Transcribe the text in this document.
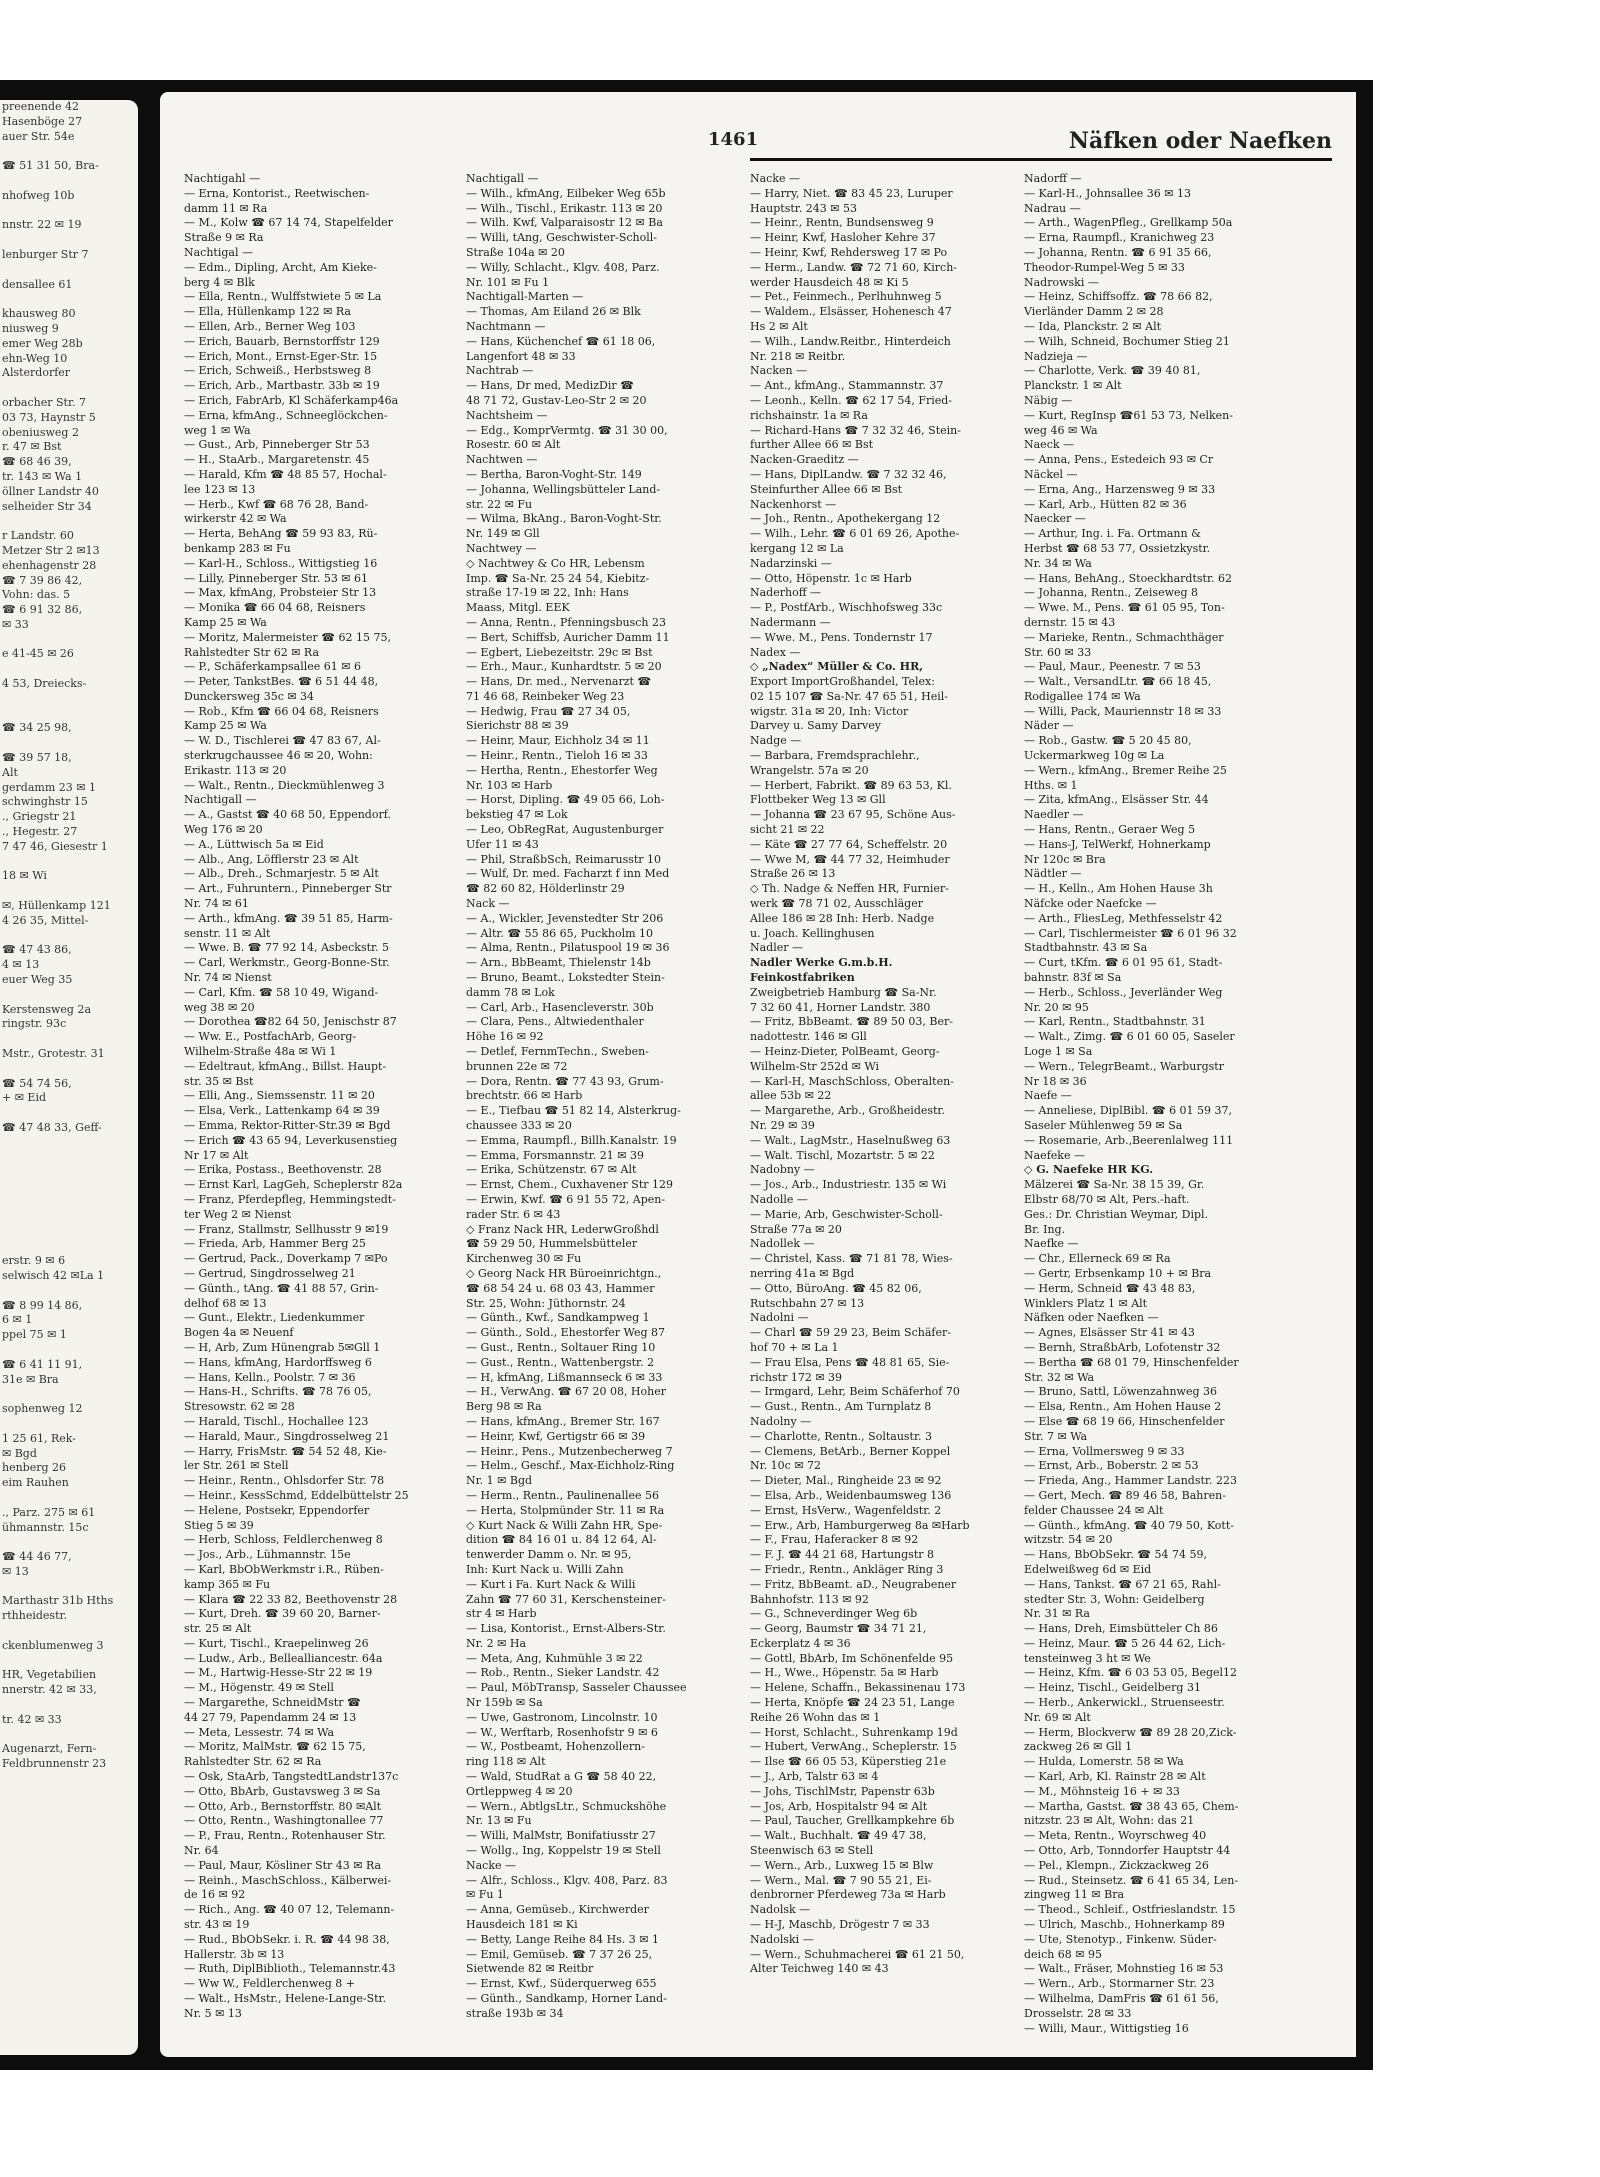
preenende 42
Hasenböge 27
auer Str. 54e

☎ 51 31 50, Bra-

nhofweg 10b

nnstr. 22 ✉ 19

lenburger Str 7

densallee 61

khausweg 80
niusweg 9
emer Weg 28b
ehn-Weg 10
Alsterdorfer

orbacher Str. 7
03 73, Haynstr 5
obeniusweg 2
r. 47 ✉ Bst
☎ 68 46 39,
tr. 143 ✉ Wa 1
öllner Landstr 40
selheider Str 34

r Landstr. 60
Metzer Str 2 ✉13
ehenhagenstr 28
☎ 7 39 86 42,
Vohn: das. 5
☎ 6 91 32 86,
✉ 33

e 41-45 ✉ 26

4 53, Dreiecks-

☎ 34 25 98,

☎ 39 57 18,
Alt
gerdamm 23 ✉ 1
schwinghstr 15
., Griegstr 21
., Hegestr. 27
7 47 46, Giesestr 1

18 ✉ Wi

✉, Hüllenkamp 121
4 26 35, Mittel-

☎ 47 43 86,
4 ✉ 13
euer Weg 35

Kerstensweg 2a
ringstr. 93c

Mstr., Grotestr. 31

☎ 54 74 56,
+ ✉ Eid

☎ 47 48 33, Geff-

erstr. 9 ✉ 6
selwisch 42 ✉La 1

☎ 8 99 14 86,
6 ✉ 1
ppel 75 ✉ 1

☎ 6 41 11 91,
31e ✉ Bra

sophenweg 12

1 25 61, Rek-
✉ Bgd
henberg 26
eim Rauhen

., Parz. 275 ✉ 61
ühmannstr. 15c

☎ 44 46 77,
✉ 13

Marthastr 31b Hths
rthheidestr.

ckenblumenweg 3

HR, Vegetabilien
nnerstr. 42 ✉ 33,

tr. 42 ✉ 33

Augenarzt, Fern-
Feldbrunnenstr 23
1461	Näfken oder Naefken
Nachtigahl —
— Erna, Kontorist., Reetwischen-
damm 11 ✉ Ra
— M., Kolw ☎ 67 14 74, Stapelfelder
Straße 9 ✉ Ra
Nachtigal —
— Edm., Dipling, Archt, Am Kieke-
berg 4 ✉ Blk
— Ella, Rentn., Wulffstwiete 5 ✉ La
— Ella, Hüllenkamp 122 ✉ Ra
— Ellen, Arb., Berner Weg 103
— Erich, Bauarb, Bernstorffstr 129
— Erich, Mont., Ernst-Eger-Str. 15
— Erich, Schweiß., Herbstsweg 8
— Erich, Arb., Martbastr. 33b ✉ 19
— Erich, FabrArb, Kl Schäferkamp46a
— Erna, kfmAng., Schneeglöckchen-
weg 1 ✉ Wa
— Gust., Arb, Pinneberger Str 53
— H., StaArb., Margaretenstr. 45
— Harald, Kfm ☎ 48 85 57, Hochal-
lee 123 ✉ 13
— Herb., Kwf ☎ 68 76 28, Band-
wirkerstr 42 ✉ Wa
— Herta, BehAng ☎ 59 93 83, Rü-
benkamp 283 ✉ Fu
— Karl-H., Schloss., Wittigstieg 16
— Lilly, Pinneberger Str. 53 ✉ 61
— Max, kfmAng, Probsteier Str 13
— Monika ☎ 66 04 68, Reisners
Kamp 25 ✉ Wa
— Moritz, Malermeister ☎ 62 15 75,
Rahlstedter Str 62 ✉ Ra
— P., Schäferkampsallee 61 ✉ 6
— Peter, TankstBes. ☎ 6 51 44 48,
Dunckersweg 35c ✉ 34
— Rob., Kfm ☎ 66 04 68, Reisners
Kamp 25 ✉ Wa
— W. D., Tischlerei ☎ 47 83 67, Al-
sterkrugchaussee 46 ✉ 20, Wohn:
Erikastr. 113 ✉ 20
— Walt., Rentn., Dieckmühlenweg 3
Nachtigall —
— A., Gastst ☎ 40 68 50, Eppendorf.
Weg 176 ✉ 20
— A., Lüttwisch 5a ✉ Eid
— Alb., Ang, Löfflerstr 23 ✉ Alt
— Alb., Dreh., Schmarjestr. 5 ✉ Alt
— Art., Fuhruntern., Pinneberger Str
Nr. 74 ✉ 61
— Arth., kfmAng. ☎ 39 51 85, Harm-
senstr. 11 ✉ Alt
— Wwe. B. ☎ 77 92 14, Asbeckstr. 5
— Carl, Werkmstr., Georg-Bonne-Str.
Nr. 74 ✉ Nienst
— Carl, Kfm. ☎ 58 10 49, Wigand-
weg 38 ✉ 20
— Dorothea ☎82 64 50, Jenischstr 87
— Ww. E., PostfachArb, Georg-
Wilhelm-Straße 48a ✉ Wi 1
— Edeltraut, kfmAng., Billst. Haupt-
str. 35 ✉ Bst
— Elli, Ang., Siemssenstr. 11 ✉ 20
— Elsa, Verk., Lattenkamp 64 ✉ 39
— Emma, Rektor-Ritter-Str.39 ✉ Bgd
— Erich ☎ 43 65 94, Leverkusenstieg
Nr 17 ✉ Alt
— Erika, Postass., Beethovenstr. 28
— Ernst Karl, LagGeh, Scheplerstr 82a
— Franz, Pferdepfleg, Hemmingstedt-
ter Weg 2 ✉ Nienst
— Franz, Stallmstr, Sellhusstr 9 ✉19
— Frieda, Arb, Hammer Berg 25
— Gertrud, Pack., Doverkamp 7 ✉Po
— Gertrud, Singdrosselweg 21
— Günth., tAng. ☎ 41 88 57, Grin-
delhof 68 ✉ 13
— Gunt., Elektr., Liedenkummer
Bogen 4a ✉ Neuenf
— H, Arb, Zum Hünengrab 5✉Gll 1
— Hans, kfmAng, Hardorffsweg 6
— Hans, Kelln., Poolstr. 7 ✉ 36
— Hans-H., Schrifts. ☎ 78 76 05,
Stresowstr. 62 ✉ 28
— Harald, Tischl., Hochallee 123
— Harald, Maur., Singdrosselweg 21
— Harry, FrisMstr. ☎ 54 52 48, Kie-
ler Str. 261 ✉ Stell
— Heinr., Rentn., Ohlsdorfer Str. 78
— Heinr., KessSchmd, Eddelbüttelstr 25
— Helene, Postsekr, Eppendorfer
Stieg 5 ✉ 39
— Herb, Schloss, Feldlerchenweg 8
— Jos., Arb., Lühmannstr. 15e
— Karl, BbObWerkmstr i.R., Rüben-
kamp 365 ✉ Fu
— Klara ☎ 22 33 82, Beethovenstr 28
— Kurt, Dreh. ☎ 39 60 20, Barner-
str. 25 ✉ Alt
— Kurt, Tischl., Kraepelinweg 26
— Ludw., Arb., Bellealliancestr. 64a
— M., Hartwig-Hesse-Str 22 ✉ 19
— M., Högenstr. 49 ✉ Stell
— Margarethe, SchneidMstr ☎
44 27 79, Papendamm 24 ✉ 13
— Meta, Lessestr. 74 ✉ Wa
— Moritz, MalMstr. ☎ 62 15 75,
Rahlstedter Str. 62 ✉ Ra
— Osk, StaArb, TangstedtLandstr137c
— Otto, BbArb, Gustavsweg 3 ✉ Sa
— Otto, Arb., Bernstorffstr. 80 ✉Alt
— Otto, Rentn., Washingtonallee 77
— P., Frau, Rentn., Rotenhauser Str.
Nr. 64
— Paul, Maur, Kösliner Str 43 ✉ Ra
— Reinh., MaschSchloss., Kälberwei-
de 16 ✉ 92
— Rich., Ang. ☎ 40 07 12, Telemann-
str. 43 ✉ 19
— Rud., BbObSekr. i. R. ☎ 44 98 38,
Hallerstr. 3b ✉ 13
— Ruth, DiplBiblioth., Telemannstr.43
— Ww W., Feldlerchenweg 8 +
— Walt., HsMstr., Helene-Lange-Str.
Nr. 5 ✉ 13
Nachtigall —
— Wilh., kfmAng, Eilbeker Weg 65b
— Wilh., Tischl., Erikastr. 113 ✉ 20
— Wilh. Kwf, Valparaisostr 12 ✉ Ba
— Willi, tAng, Geschwister-Scholl-
Straße 104a ✉ 20
— Willy, Schlacht., Klgv. 408, Parz.
Nr. 101 ✉ Fu 1
Nachtigall-Marten —
— Thomas, Am Eiland 26 ✉ Blk
Nachtmann —
— Hans, Küchenchef ☎ 61 18 06,
Langenfort 48 ✉ 33
Nachtrab —
— Hans, Dr med, MedizDir ☎
48 71 72, Gustav-Leo-Str 2 ✉ 20
Nachtsheim —
— Edg., KomprVermtg. ☎ 31 30 00,
Rosestr. 60 ✉ Alt
Nachtwen —
— Bertha, Baron-Voght-Str. 149
— Johanna, Wellingsbütteler Land-
str. 22 ✉ Fu
— Wilma, BkAng., Baron-Voght-Str.
Nr. 149 ✉ Gll
Nachtwey —
◇ Nachtwey & Co HR, Lebensm
Imp. ☎ Sa-Nr. 25 24 54, Kiebitz-
straße 17-19 ✉ 22, Inh: Hans
Maass, Mitgl. EEK
— Anna, Rentn., Pfenningsbusch 23
— Bert, Schiffsb, Auricher Damm 11
— Egbert, Liebezeitstr. 29c ✉ Bst
— Erh., Maur., Kunhardtstr. 5 ✉ 20
— Hans, Dr. med., Nervenarzt ☎
71 46 68, Reinbeker Weg 23
— Hedwig, Frau ☎ 27 34 05,
Sierichstr 88 ✉ 39
— Heinr, Maur, Eichholz 34 ✉ 11
— Heinr., Rentn., Tieloh 16 ✉ 33
— Hertha, Rentn., Ehestorfer Weg
Nr. 103 ✉ Harb
— Horst, Dipling. ☎ 49 05 66, Loh-
bekstieg 47 ✉ Lok
— Leo, ObRegRat, Augustenburger
Ufer 11 ✉ 43
— Phil, StraßbSch, Reimarusstr 10
— Wulf, Dr. med. Facharzt f inn Med
☎ 82 60 82, Hölderlinstr 29
Nack —
— A., Wickler, Jevenstedter Str 206
— Altr. ☎ 55 86 65, Puckholm 10
— Alma, Rentn., Pilatuspool 19 ✉ 36
— Arn., BbBeamt, Thielenstr 14b
— Bruno, Beamt., Lokstedter Stein-
damm 78 ✉ Lok
— Carl, Arb., Hasencleverstr. 30b
— Clara, Pens., Altwiedenthaler
Höhe 16 ✉ 92
— Detlef, FernmTechn., Sweben-
brunnen 22e ✉ 72
— Dora, Rentn. ☎ 77 43 93, Grum-
brechtstr. 66 ✉ Harb
— E., Tiefbau ☎ 51 82 14, Alsterkrug-
chaussee 333 ✉ 20
— Emma, Raumpfl., Billh.Kanalstr. 19
— Emma, Forsmannstr. 21 ✉ 39
— Erika, Schützenstr. 67 ✉ Alt
— Ernst, Chem., Cuxhavener Str 129
— Erwin, Kwf. ☎ 6 91 55 72, Apen-
rader Str. 6 ✉ 43
◇ Franz Nack HR, LederwGroßhdl
☎ 59 29 50, Hummelsbütteler
Kirchenweg 30 ✉ Fu
◇ Georg Nack HR Büroeinrichtgn.,
☎ 68 54 24 u. 68 03 43, Hammer
Str. 25, Wohn: Jüthornstr. 24
— Günth., Kwf., Sandkampweg 1
— Günth., Sold., Ehestorfer Weg 87
— Gust., Rentn., Soltauer Ring 10
— Gust., Rentn., Wattenbergstr. 2
— H, kfmAng, Lißmannseck 6 ✉ 33
— H., VerwAng. ☎ 67 20 08, Hoher
Berg 98 ✉ Ra
— Hans, kfmAng., Bremer Str. 167
— Heinr, Kwf, Gertigstr 66 ✉ 39
— Heinr., Pens., Mutzenbecherweg 7
— Helm., Geschf., Max-Eichholz-Ring
Nr. 1 ✉ Bgd
— Herm., Rentn., Paulinenallee 56
— Herta, Stolpmünder Str. 11 ✉ Ra
◇ Kurt Nack & Willi Zahn HR, Spe-
dition ☎ 84 16 01 u. 84 12 64, Al-
tenwerder Damm o. Nr. ✉ 95,
Inh: Kurt Nack u. Willi Zahn
— Kurt i Fa. Kurt Nack & Willi
Zahn ☎ 77 60 31, Kerschensteiner-
str 4 ✉ Harb
— Lisa, Kontorist., Ernst-Albers-Str.
Nr. 2 ✉ Ha
— Meta, Ang, Kuhmühle 3 ✉ 22
— Rob., Rentn., Sieker Landstr. 42
— Paul, MöbTransp, Sasseler Chaussee
Nr 159b ✉ Sa
— Uwe, Gastronom, Lincolnstr. 10
— W., Werftarb, Rosenhofstr 9 ✉ 6
— W., Postbeamt, Hohenzollern-
ring 118 ✉ Alt
— Wald, StudRat a G ☎ 58 40 22,
Ortleppweg 4 ✉ 20
— Wern., AbtlgsLtr., Schmuckshöhe
Nr. 13 ✉ Fu
— Willi, MalMstr, Bonifatiusstr 27
— Wollg., Ing, Koppelstr 19 ✉ Stell
Nacke —
— Alfr., Schloss., Klgv. 408, Parz. 83
✉ Fu 1
— Anna, Gemüseb., Kirchwerder
Hausdeich 181 ✉ Ki
— Betty, Lange Reihe 84 Hs. 3 ✉ 1
— Emil, Gemüseb. ☎ 7 37 26 25,
Sietwende 82 ✉ Reitbr
— Ernst, Kwf., Süderquerweg 655
— Günth., Sandkamp, Horner Land-
straße 193b ✉ 34
Nacke —
— Harry, Niet. ☎ 83 45 23, Luruper
Hauptstr. 243 ✉ 53
— Heinr., Rentn, Bundsensweg 9
— Heinr, Kwf, Hasloher Kehre 37
— Heinr, Kwf, Rehdersweg 17 ✉ Po
— Herm., Landw. ☎ 72 71 60, Kirch-
werder Hausdeich 48 ✉ Ki 5
— Pet., Feinmech., Perlhuhnweg 5
— Waldem., Elsässer, Hohenesch 47
Hs 2 ✉ Alt
— Wilh., Landw.Reitbr., Hinterdeich
Nr. 218 ✉ Reitbr.
Nacken —
— Ant., kfmAng., Stammannstr. 37
— Leonh., Kelln. ☎ 62 17 54, Fried-
richshainstr. 1a ✉ Ra
— Richard-Hans ☎ 7 32 32 46, Stein-
further Allee 66 ✉ Bst
Nacken-Graeditz —
— Hans, DiplLandw. ☎ 7 32 32 46,
Steinfurther Allee 66 ✉ Bst
Nackenhorst —
— Joh., Rentn., Apothekergang 12
— Wilh., Lehr. ☎ 6 01 69 26, Apothe-
kergang 12 ✉ La
Nadarzinski —
— Otto, Höpenstr. 1c ✉ Harb
Naderhoff —
— P., PostfArb., Wischhofsweg 33c
Nadermann —
— Wwe. M., Pens. Tondernstr 17
Nadex —
◇ „Nadex“ Müller & Co. HR,
Export ImportGroßhandel, Telex:
02 15 107 ☎ Sa-Nr. 47 65 51, Heil-
wigstr. 31a ✉ 20, Inh: Victor
Darvey u. Samy Darvey
Nadge —
— Barbara, Fremdsprachlehr.,
Wrangelstr. 57a ✉ 20
— Herbert, Fabrikt. ☎ 89 63 53, Kl.
Flottbeker Weg 13 ✉ Gll
— Johanna ☎ 23 67 95, Schöne Aus-
sicht 21 ✉ 22
— Käte ☎ 27 77 64, Scheffelstr. 20
— Wwe M, ☎ 44 77 32, Heimhuder
Straße 26 ✉ 13
◇ Th. Nadge & Neffen HR, Furnier-
werk ☎ 78 71 02, Ausschläger
Allee 186 ✉ 28 Inh: Herb. Nadge
u. Joach. Kellinghusen
Nadler —
Nadler Werke G.m.b.H.
Feinkostfabriken
Zweigbetrieb Hamburg ☎ Sa-Nr.
7 32 60 41, Horner Landstr. 380
— Fritz, BbBeamt. ☎ 89 50 03, Ber-
nadottestr. 146 ✉ Gll
— Heinz-Dieter, PolBeamt, Georg-
Wilhelm-Str 252d ✉ Wi
— Karl-H, MaschSchloss, Oberalten-
allee 53b ✉ 22
— Margarethe, Arb., Großheidestr.
Nr. 29 ✉ 39
— Walt., LagMstr., Haselnußweg 63
— Walt. Tischl, Mozartstr. 5 ✉ 22
Nadobny —
— Jos., Arb., Industriestr. 135 ✉ Wi
Nadolle —
— Marie, Arb, Geschwister-Scholl-
Straße 77a ✉ 20
Nadollek —
— Christel, Kass. ☎ 71 81 78, Wies-
nerring 41a ✉ Bgd
— Otto, BüroAng. ☎ 45 82 06,
Rutschbahn 27 ✉ 13
Nadolni —
— Charl ☎ 59 29 23, Beim Schäfer-
hof 70 + ✉ La 1
— Frau Elsa, Pens ☎ 48 81 65, Sie-
richstr 172 ✉ 39
— Irmgard, Lehr, Beim Schäferhof 70
— Gust., Rentn., Am Turnplatz 8
Nadolny —
— Charlotte, Rentn., Soltaustr. 3
— Clemens, BetArb., Berner Koppel
Nr. 10c ✉ 72
— Dieter, Mal., Ringheide 23 ✉ 92
— Elsa, Arb., Weidenbaumsweg 136
— Ernst, HsVerw., Wagenfeldstr. 2
— Erw., Arb, Hamburgerweg 8a ✉Harb
— F., Frau, Haferacker 8 ✉ 92
— F. J. ☎ 44 21 68, Hartungstr 8
— Friedr., Rentn., Ankläger Ring 3
— Fritz, BbBeamt. aD., Neugrabener
Bahnhofstr. 113 ✉ 92
— G., Schneverdinger Weg 6b
— Georg, Baumstr ☎ 34 71 21,
Eckerplatz 4 ✉ 36
— Gottl, BbArb, Im Schönenfelde 95
— H., Wwe., Höpenstr. 5a ✉ Harb
— Helene, Schaffn., Bekassinenau 173
— Herta, Knöpfe ☎ 24 23 51, Lange
Reihe 26 Wohn das ✉ 1
— Horst, Schlacht., Suhrenkamp 19d
— Hubert, VerwAng., Scheplerstr. 15
— Ilse ☎ 66 05 53, Küperstieg 21e
— J., Arb, Talstr 63 ✉ 4
— Johs, TischlMstr, Papenstr 63b
— Jos, Arb, Hospitalstr 94 ✉ Alt
— Paul, Taucher, Grellkampkehre 6b
— Walt., Buchhalt. ☎ 49 47 38,
Steenwisch 63 ✉ Stell
— Wern., Arb., Luxweg 15 ✉ Blw
— Wern., Mal. ☎ 7 90 55 21, Ei-
denbrorner Pferdeweg 73a ✉ Harb
Nadolsk —
— H-J, Maschb, Drögestr 7 ✉ 33
Nadolski —
— Wern., Schuhmacherei ☎ 61 21 50,
Alter Teichweg 140 ✉ 43
Nadorff —
— Karl-H., Johnsallee 36 ✉ 13
Nadrau —
— Arth., WagenPfleg., Grellkamp 50a
— Erna, Raumpfl., Kranichweg 23
— Johanna, Rentn. ☎ 6 91 35 66,
Theodor-Rumpel-Weg 5 ✉ 33
Nadrowski —
— Heinz, Schiffsoffz. ☎ 78 66 82,
Vierländer Damm 2 ✉ 28
— Ida, Planckstr. 2 ✉ Alt
— Wilh, Schneid, Bochumer Stieg 21
Nadzieja —
— Charlotte, Verk. ☎ 39 40 81,
Planckstr. 1 ✉ Alt
Näbig —
— Kurt, RegInsp ☎61 53 73, Nelken-
weg 46 ✉ Wa
Naeck —
— Anna, Pens., Estedeich 93 ✉ Cr
Näckel —
— Erna, Ang., Harzensweg 9 ✉ 33
— Karl, Arb., Hütten 82 ✉ 36
Naecker —
— Arthur, Ing. i. Fa. Ortmann &
Herbst ☎ 68 53 77, Ossietzkystr.
Nr. 34 ✉ Wa
— Hans, BehAng., Stoeckhardtstr. 62
— Johanna, Rentn., Zeiseweg 8
— Wwe. M., Pens. ☎ 61 05 95, Ton-
dernstr. 15 ✉ 43
— Marieke, Rentn., Schmachthäger
Str. 60 ✉ 33
— Paul, Maur., Peenestr. 7 ✉ 53
— Walt., VersandLtr. ☎ 66 18 45,
Rodigallee 174 ✉ Wa
— Willi, Pack, Mauriennstr 18 ✉ 33
Näder —
— Rob., Gastw. ☎ 5 20 45 80,
Uckermarkweg 10g ✉ La
— Wern., kfmAng., Bremer Reihe 25
Hths. ✉ 1
— Zita, kfmAng., Elsässer Str. 44
Naedler —
— Hans, Rentn., Geraer Weg 5
— Hans-J, TelWerkf, Hohnerkamp
Nr 120c ✉ Bra
Nädtler —
— H., Kelln., Am Hohen Hause 3h
Näfcke oder Naefcke —
— Arth., FliesLeg, Methfesselstr 42
— Carl, Tischlermeister ☎ 6 01 96 32
Stadtbahnstr. 43 ✉ Sa
— Curt, tKfm. ☎ 6 01 95 61, Stadt-
bahnstr. 83f ✉ Sa
— Herb., Schloss., Jeverländer Weg
Nr. 20 ✉ 95
— Karl, Rentn., Stadtbahnstr. 31
— Walt., Zimg. ☎ 6 01 60 05, Saseler
Loge 1 ✉ Sa
— Wern., TelegrBeamt., Warburgstr
Nr 18 ✉ 36
Naefe —
— Anneliese, DiplBibl. ☎ 6 01 59 37,
Saseler Mühlenweg 59 ✉ Sa
— Rosemarie, Arb.,Beerenlalweg 111
Naefeke —
◇ G. Naefeke HR KG.
Mälzerei ☎ Sa-Nr. 38 15 39, Gr.
Elbstr 68/70 ✉ Alt, Pers.-haft.
Ges.: Dr. Christian Weymar, Dipl.
Br. Ing.
Naefke —
— Chr., Ellerneck 69 ✉ Ra
— Gertr, Erbsenkamp 10 + ✉ Bra
— Herm, Schneid ☎ 43 48 83,
Winklers Platz 1 ✉ Alt
Näfken oder Naefken —
— Agnes, Elsässer Str 41 ✉ 43
— Bernh, StraßbArb, Lofotenstr 32
— Bertha ☎ 68 01 79, Hinschenfelder
Str. 32 ✉ Wa
— Bruno, Sattl, Löwenzahnweg 36
— Elsa, Rentn., Am Hohen Hause 2
— Else ☎ 68 19 66, Hinschenfelder
Str. 7 ✉ Wa
— Erna, Vollmersweg 9 ✉ 33
— Ernst, Arb., Boberstr. 2 ✉ 53
— Frieda, Ang., Hammer Landstr. 223
— Gert, Mech. ☎ 89 46 58, Bahren-
felder Chaussee 24 ✉ Alt
— Günth., kfmAng. ☎ 40 79 50, Kott-
witzstr. 54 ✉ 20
— Hans, BbObSekr. ☎ 54 74 59,
Edelweißweg 6d ✉ Eid
— Hans, Tankst. ☎ 67 21 65, Rahl-
stedter Str. 3, Wohn: Geidelberg
Nr. 31 ✉ Ra
— Hans, Dreh, Eimsbütteler Ch 86
— Heinz, Maur. ☎ 5 26 44 62, Lich-
tensteinweg 3 ht ✉ We
— Heinz, Kfm. ☎ 6 03 53 05, Begel12
— Heinz, Tischl., Geidelberg 31
— Herb., Ankerwickl., Struenseestr.
Nr. 69 ✉ Alt
— Herm, Blockverw ☎ 89 28 20,Zick-
zackweg 26 ✉ Gll 1
— Hulda, Lomerstr. 58 ✉ Wa
— Karl, Arb, Kl. Rainstr 28 ✉ Alt
— M., Möhnsteig 16 + ✉ 33
— Martha, Gastst. ☎ 38 43 65, Chem-
nitzstr. 23 ✉ Alt, Wohn: das 21
— Meta, Rentn., Woyrschweg 40
— Otto, Arb, Tonndorfer Hauptstr 44
— Pel., Klempn., Zickzackweg 26
— Rud., Steinsetz. ☎ 6 41 65 34, Len-
zingweg 11 ✉ Bra
— Theod., Schleif., Ostfrieslandstr. 15
— Ulrich, Maschb., Hohnerkamp 89
— Ute, Stenotyp., Finkenw. Süder-
deich 68 ✉ 95
— Walt., Fräser, Mohnstieg 16 ✉ 53
— Wern., Arb., Stormarner Str. 23
— Wilhelma, DamFris ☎ 61 61 56,
Drosselstr. 28 ✉ 33
— Willi, Maur., Wittigstieg 16
